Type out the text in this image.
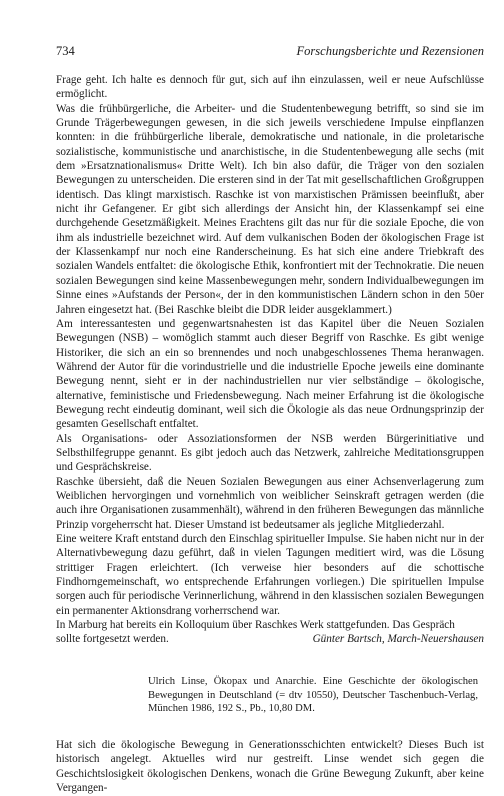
734	Forschungsberichte und Rezensionen

Frage geht. Ich halte es dennoch für gut, sich auf ihn einzulassen, weil er neue Aufschlüsse ermöglicht.

Was die frühbürgerliche, die Arbeiter- und die Studentenbewegung betrifft, so sind sie im Grunde Trägerbewegungen gewesen, in die sich jeweils verschiedene Impulse einpflanzen konnten: in die frühbürgerliche liberale, demokratische und nationale, in die proletarische sozialistische, kommunistische und anarchistische, in die Studentenbewegung alle sechs (mit dem »Ersatznationalismus« Dritte Welt). Ich bin also dafür, die Träger von den sozialen Bewegungen zu unterscheiden. Die ersteren sind in der Tat mit gesellschaftlichen Großgruppen identisch. Das klingt marxistisch. Raschke ist von marxistischen Prämissen beeinflußt, aber nicht ihr Gefangener. Er gibt sich allerdings der Ansicht hin, der Klassenkampf sei eine durchgehende Gesetzmäßigkeit. Meines Erachtens gilt das nur für die soziale Epoche, die von ihm als industrielle bezeichnet wird. Auf dem vulkanischen Boden der ökologischen Frage ist der Klassenkampf nur noch eine Randerscheinung. Es hat sich eine andere Triebkraft des sozialen Wandels entfaltet: die ökologische Ethik, konfrontiert mit der Technokratie. Die neuen sozialen Bewegungen sind keine Massenbewegungen mehr, sondern Individualbewegungen im Sinne eines »Aufstands der Person«, der in den kommunistischen Ländern schon in den 50er Jahren eingesetzt hat. (Bei Raschke bleibt die DDR leider ausgeklammert.)

Am interessantesten und gegenwartsnahesten ist das Kapitel über die Neuen Sozialen Bewegungen (NSB) – womöglich stammt auch dieser Begriff von Raschke. Es gibt wenige Historiker, die sich an ein so brennendes und noch unabgeschlossenes Thema heranwagen. Während der Autor für die vorindustrielle und die industrielle Epoche jeweils eine dominante Bewegung nennt, sieht er in der nachindustriellen nur vier selbständige – ökologische, alternative, feministische und Friedensbewegung. Nach meiner Erfahrung ist die ökologische Bewegung recht eindeutig dominant, weil sich die Ökologie als das neue Ordnungsprinzip der gesamten Gesellschaft entfaltet.

Als Organisations- oder Assoziationsformen der NSB werden Bürgerinitiative und Selbsthilfegruppe genannt. Es gibt jedoch auch das Netzwerk, zahlreiche Meditationsgruppen und Gesprächskreise.

Raschke übersieht, daß die Neuen Sozialen Bewegungen aus einer Achsenverlagerung zum Weiblichen hervorgingen und vornehmlich von weiblicher Seinskraft getragen werden (die auch ihre Organisationen zusammenhält), während in den früheren Bewegungen das männliche Prinzip vorgeherrscht hat. Dieser Umstand ist bedeutsamer als jegliche Mitgliederzahl.

Eine weitere Kraft entstand durch den Einschlag spiritueller Impulse. Sie haben nicht nur in der Alternativbewegung dazu geführt, daß in vielen Tagungen meditiert wird, was die Lösung strittiger Fragen erleichtert. (Ich verweise hier besonders auf die schottische Findhorngemeinschaft, wo entsprechende Erfahrungen vorliegen.) Die spirituellen Impulse sorgen auch für periodische Verinnerlichung, während in den klassischen sozialen Bewegungen ein permanenter Aktionsdrang vorherrschend war.

In Marburg hat bereits ein Kolloquium über Raschkes Werk stattgefunden. Das Gespräch

sollte fortgesetzt werden.	Günter Bartsch, March-Neuershausen
Ulrich Linse, Ökopax und Anarchie. Eine Geschichte der ökologischen Bewegungen in Deutschland (= dtv 10550), Deutscher Taschenbuch-Verlag, München 1986, 192 S., Pb., 10,80 DM.

Hat sich die ökologische Bewegung in Generationsschichten entwickelt? Dieses Buch ist historisch angelegt. Aktuelles wird nur gestreift. Linse wendet sich gegen die Geschichtslosigkeit ökologischen Denkens, wonach die Grüne Bewegung Zukunft, aber keine Vergangen-
